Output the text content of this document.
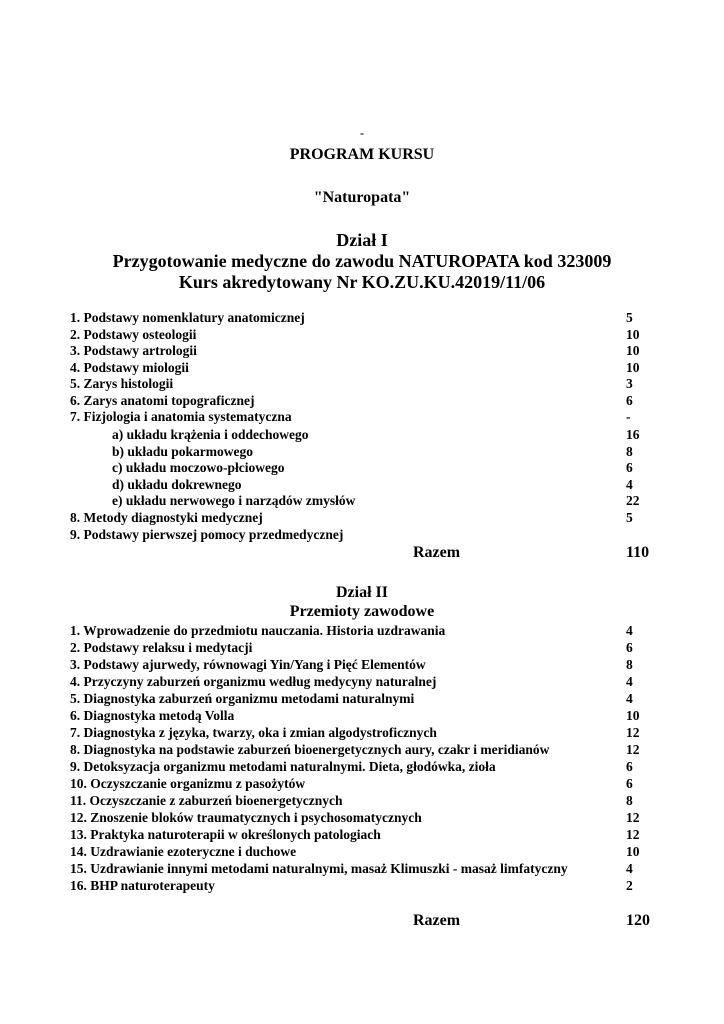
-
PROGRAM KURSU
"Naturopata"
Dział I
Przygotowanie medyczne do zawodu NATUROPATA kod 323009
Kurs akredytowany Nr KO.ZU.KU.42019/11/06
1. Podstawy nomenklatury anatomicznej	5
2. Podstawy osteologii	10
3. Podstawy artrologii	10
4. Podstawy miologii	10
5. Zarys histologii	3
6. Zarys anatomi topograficznej	6
7. Fizjologia i anatomia systematyczna	-
a) układu krążenia i oddechowego	16
b) układu pokarmowego	8
c) układu moczowo-płciowego	6
d) układu dokrewnego	4
e) układu nerwowego i narządów zmysłów	22
8. Metody diagnostyki medycznej	5
9. Podstawy pierwszej pomocy przedmedycznej
Razem	110
Dział II
Przemioty zawodowe
1. Wprowadzenie do przedmiotu nauczania. Historia uzdrawania	4
2. Podstawy relaksu i medytacji	6
3. Podstawy ajurwedy, równowagi Yin/Yang i Pięć Elementów	8
4. Przyczyny zaburzeń organizmu według medycyny naturalnej	4
5. Diagnostyka zaburzeń organizmu metodami naturalnymi	4
6. Diagnostyka metodą Volla	10
7. Diagnostyka z języka, twarzy, oka i zmian algodystroficznych	12
8. Diagnostyka na podstawie zaburzeń bioenergetycznych aury, czakr i meridianów	12
9. Detoksyzacja organizmu metodami naturalnymi. Dieta, głodówka, zioła	6
10. Oczyszczanie organizmu z pasożytów	6
11. Oczyszczanie z zaburzeń bioenergetycznych	8
12. Znoszenie bloków traumatycznych i psychosomatycznych	12
13. Praktyka naturoterapii w określonych patologiach	12
14. Uzdrawianie ezoteryczne i duchowe	10
15. Uzdrawianie innymi metodami naturalnymi, masaż Klimuszki - masaż limfatyczny	4
16. BHP naturoterapeuty	2
Razem	120
